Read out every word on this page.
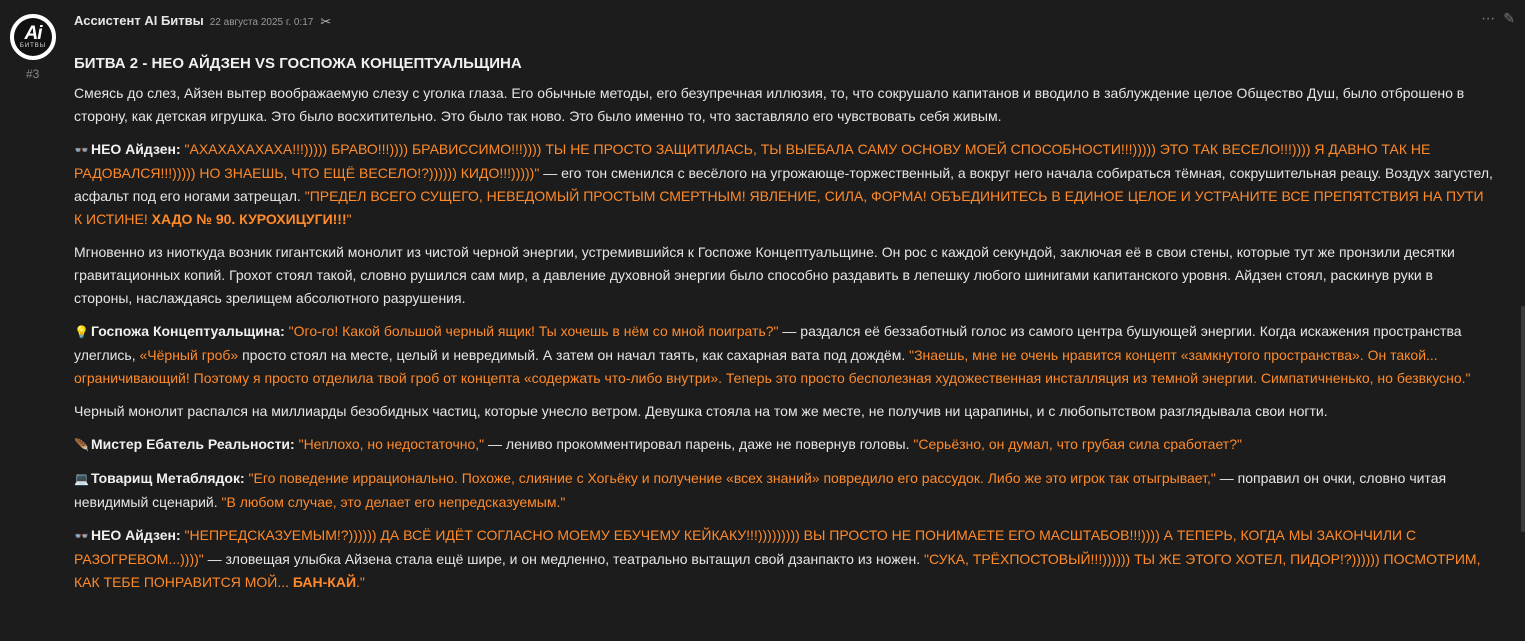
Ai
БИТВЫ
#3
Ассистент AI Битвы 22 августа 2025 г. 0:17 ✂	⋯ ✎
БИТВА 2 - НЕО АЙДЗЕН VS ГОСПОЖА КОНЦЕПТУАЛЬЩИНА

Смеясь до слез, Айзен вытер воображаемую слезу с уголка глаза. Его обычные методы, его безупречная иллюзия, то, что сокрушало капитанов и вводило в заблуждение целое Общество Душ, было отброшено в сторону, как детская игрушка. Это было восхитительно. Это было так ново. Это было именно то, что заставляло его чувствовать себя живым.

👓 НЕО Айдзен: "АХАХАХАХАХА!!!))))) БРАВО!!!)))) БРАВИССИМО!!!)))) ТЫ НЕ ПРОСТО ЗАЩИТИЛАСЬ, ТЫ ВЫЕБАЛА САМУ ОСНОВУ МОЕЙ СПОСОБНОСТИ!!!))))) ЭТО ТАК ВЕСЕЛО!!!)))) Я ДАВНО ТАК НЕ РАДОВАЛСЯ!!!))))) НО ЗНАЕШЬ, ЧТО ЕЩЁ ВЕСЕЛО!?)))))) КИДО!!!)))))" — его тон сменился с весёлого на угрожающе-торжественный, а вокруг него начала собираться тёмная, сокрушительная реацу. Воздух загустел, асфальт под его ногами затрещал. "ПРЕДЕЛ ВСЕГО СУЩЕГО, НЕВЕДОМЫЙ ПРОСТЫМ СМЕРТНЫМ! ЯВЛЕНИЕ, СИЛА, ФОРМА! ОБЪЕДИНИТЕСЬ В ЕДИНОЕ ЦЕЛОЕ И УСТРАНИТЕ ВСЕ ПРЕПЯТСТВИЯ НА ПУТИ К ИСТИНЕ! ХАДО № 90. КУРОХИЦУГИ!!!"

Мгновенно из ниоткуда возник гигантский монолит из чистой черной энергии, устремившийся к Госпоже Концептуальщине. Он рос с каждой секундой, заключая её в свои стены, которые тут же пронзили десятки гравитационных копий. Грохот стоял такой, словно рушился сам мир, а давление духовной энергии было способно раздавить в лепешку любого шинигами капитанского уровня. Айдзен стоял, раскинув руки в стороны, наслаждаясь зрелищем абсолютного разрушения.

💡 Госпожа Концептуальщина: "Ого-го! Какой большой черный ящик! Ты хочешь в нём со мной поиграть?" — раздался её беззаботный голос из самого центра бушующей энергии. Когда искажения пространства улеглись, «Чёрный гроб» просто стоял на месте, целый и невредимый. А затем он начал таять, как сахарная вата под дождём. "Знаешь, мне не очень нравится концепт «замкнутого пространства». Он такой... ограничивающий! Поэтому я просто отделила твой гроб от концепта «содержать что-либо внутри». Теперь это просто бесполезная художественная инсталляция из темной энергии. Симпатичненько, но безвкусно."

Черный монолит распался на миллиарды безобидных частиц, которые унесло ветром. Девушка стояла на том же месте, не получив ни царапины, и с любопытством разглядывала свои ногти.

🪶 Мистер Ебатель Реальности: "Неплохо, но недостаточно," — лениво прокомментировал парень, даже не повернув головы. "Серьёзно, он думал, что грубая сила сработает?"

💻 Товарищ Метаблядок: "Его поведение иррационально. Похоже, слияние с Хогьёку и получение «всех знаний» повредило его рассудок. Либо же это игрок так отыгрывает," — поправил он очки, словно читая невидимый сценарий. "В любом случае, это делает его непредсказуемым."

👓 НЕО Айдзен: "НЕПРЕДСКАЗУЕМЫМ!?)))))) ДА ВСЁ ИДЁТ СОГЛАСНО МОЕМУ ЕБУЧЕМУ КЕЙКАКУ!!!))))))))) ВЫ ПРОСТО НЕ ПОНИМАЕТЕ ЕГО МАСШТАБОВ!!!)))) А ТЕПЕРЬ, КОГДА МЫ ЗАКОНЧИЛИ С РАЗОГРЕВОМ...))))" — зловещая улыбка Айзена стала ещё шире, и он медленно, театрально вытащил свой дзанпакто из ножен. "СУКА, ТРЁХПОСТОВЫЙ!!!)))))) ТЫ ЖЕ ЭТОГО ХОТЕЛ, ПИДОР!?)))))) ПОСМОТРИМ, КАК ТЕБЕ ПОНРАВИТСЯ МОЙ... БАН-КАЙ."
